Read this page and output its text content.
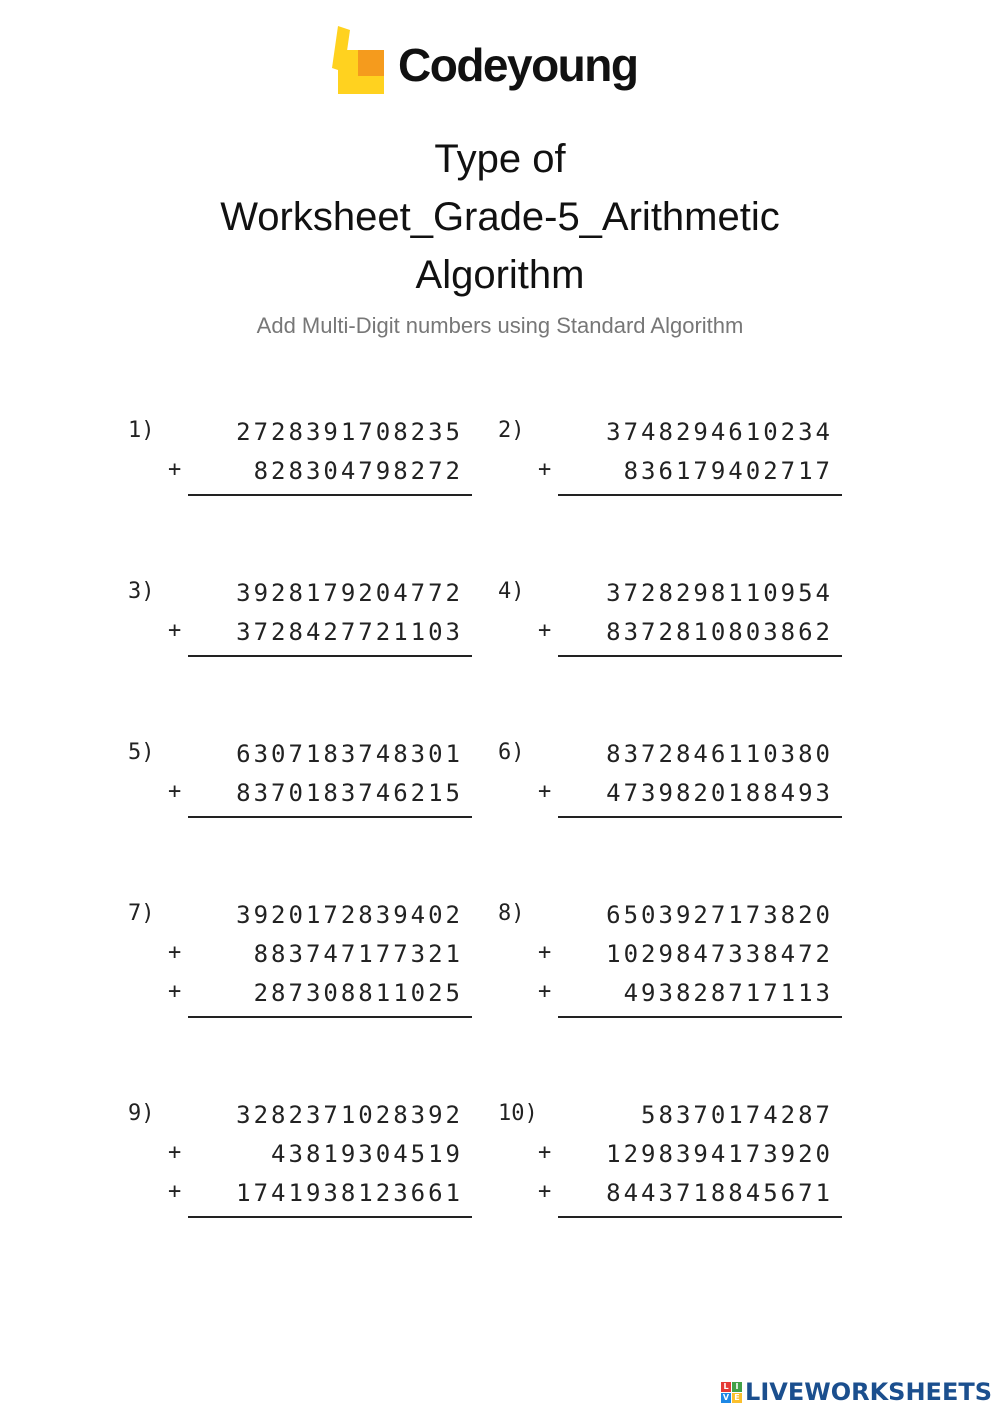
Codeyoung
Type of
Worksheet_Grade-5_Arithmetic
Algorithm
Add Multi-Digit numbers using Standard Algorithm
1)	2728391708235
+	828304798272
2)	3748294610234
+	836179402717
3)	3928179204772
+ 3728427721103
4)	3728298110954
+ 8372810803862
5)	6307183748301
+ 8370183746215
6)	8372846110380
+ 4739820188493
7)	3920172839402
+	883747177321
+	287308811025
8)	6503927173820
+ 1029847338472
+	493828717113
9)	3282371028392
+	43819304519
+ 1741938123661
10)	58370174287
+ 1298394173920
+ 8443718845671
L I
V E LIVEWORKSHEETS
